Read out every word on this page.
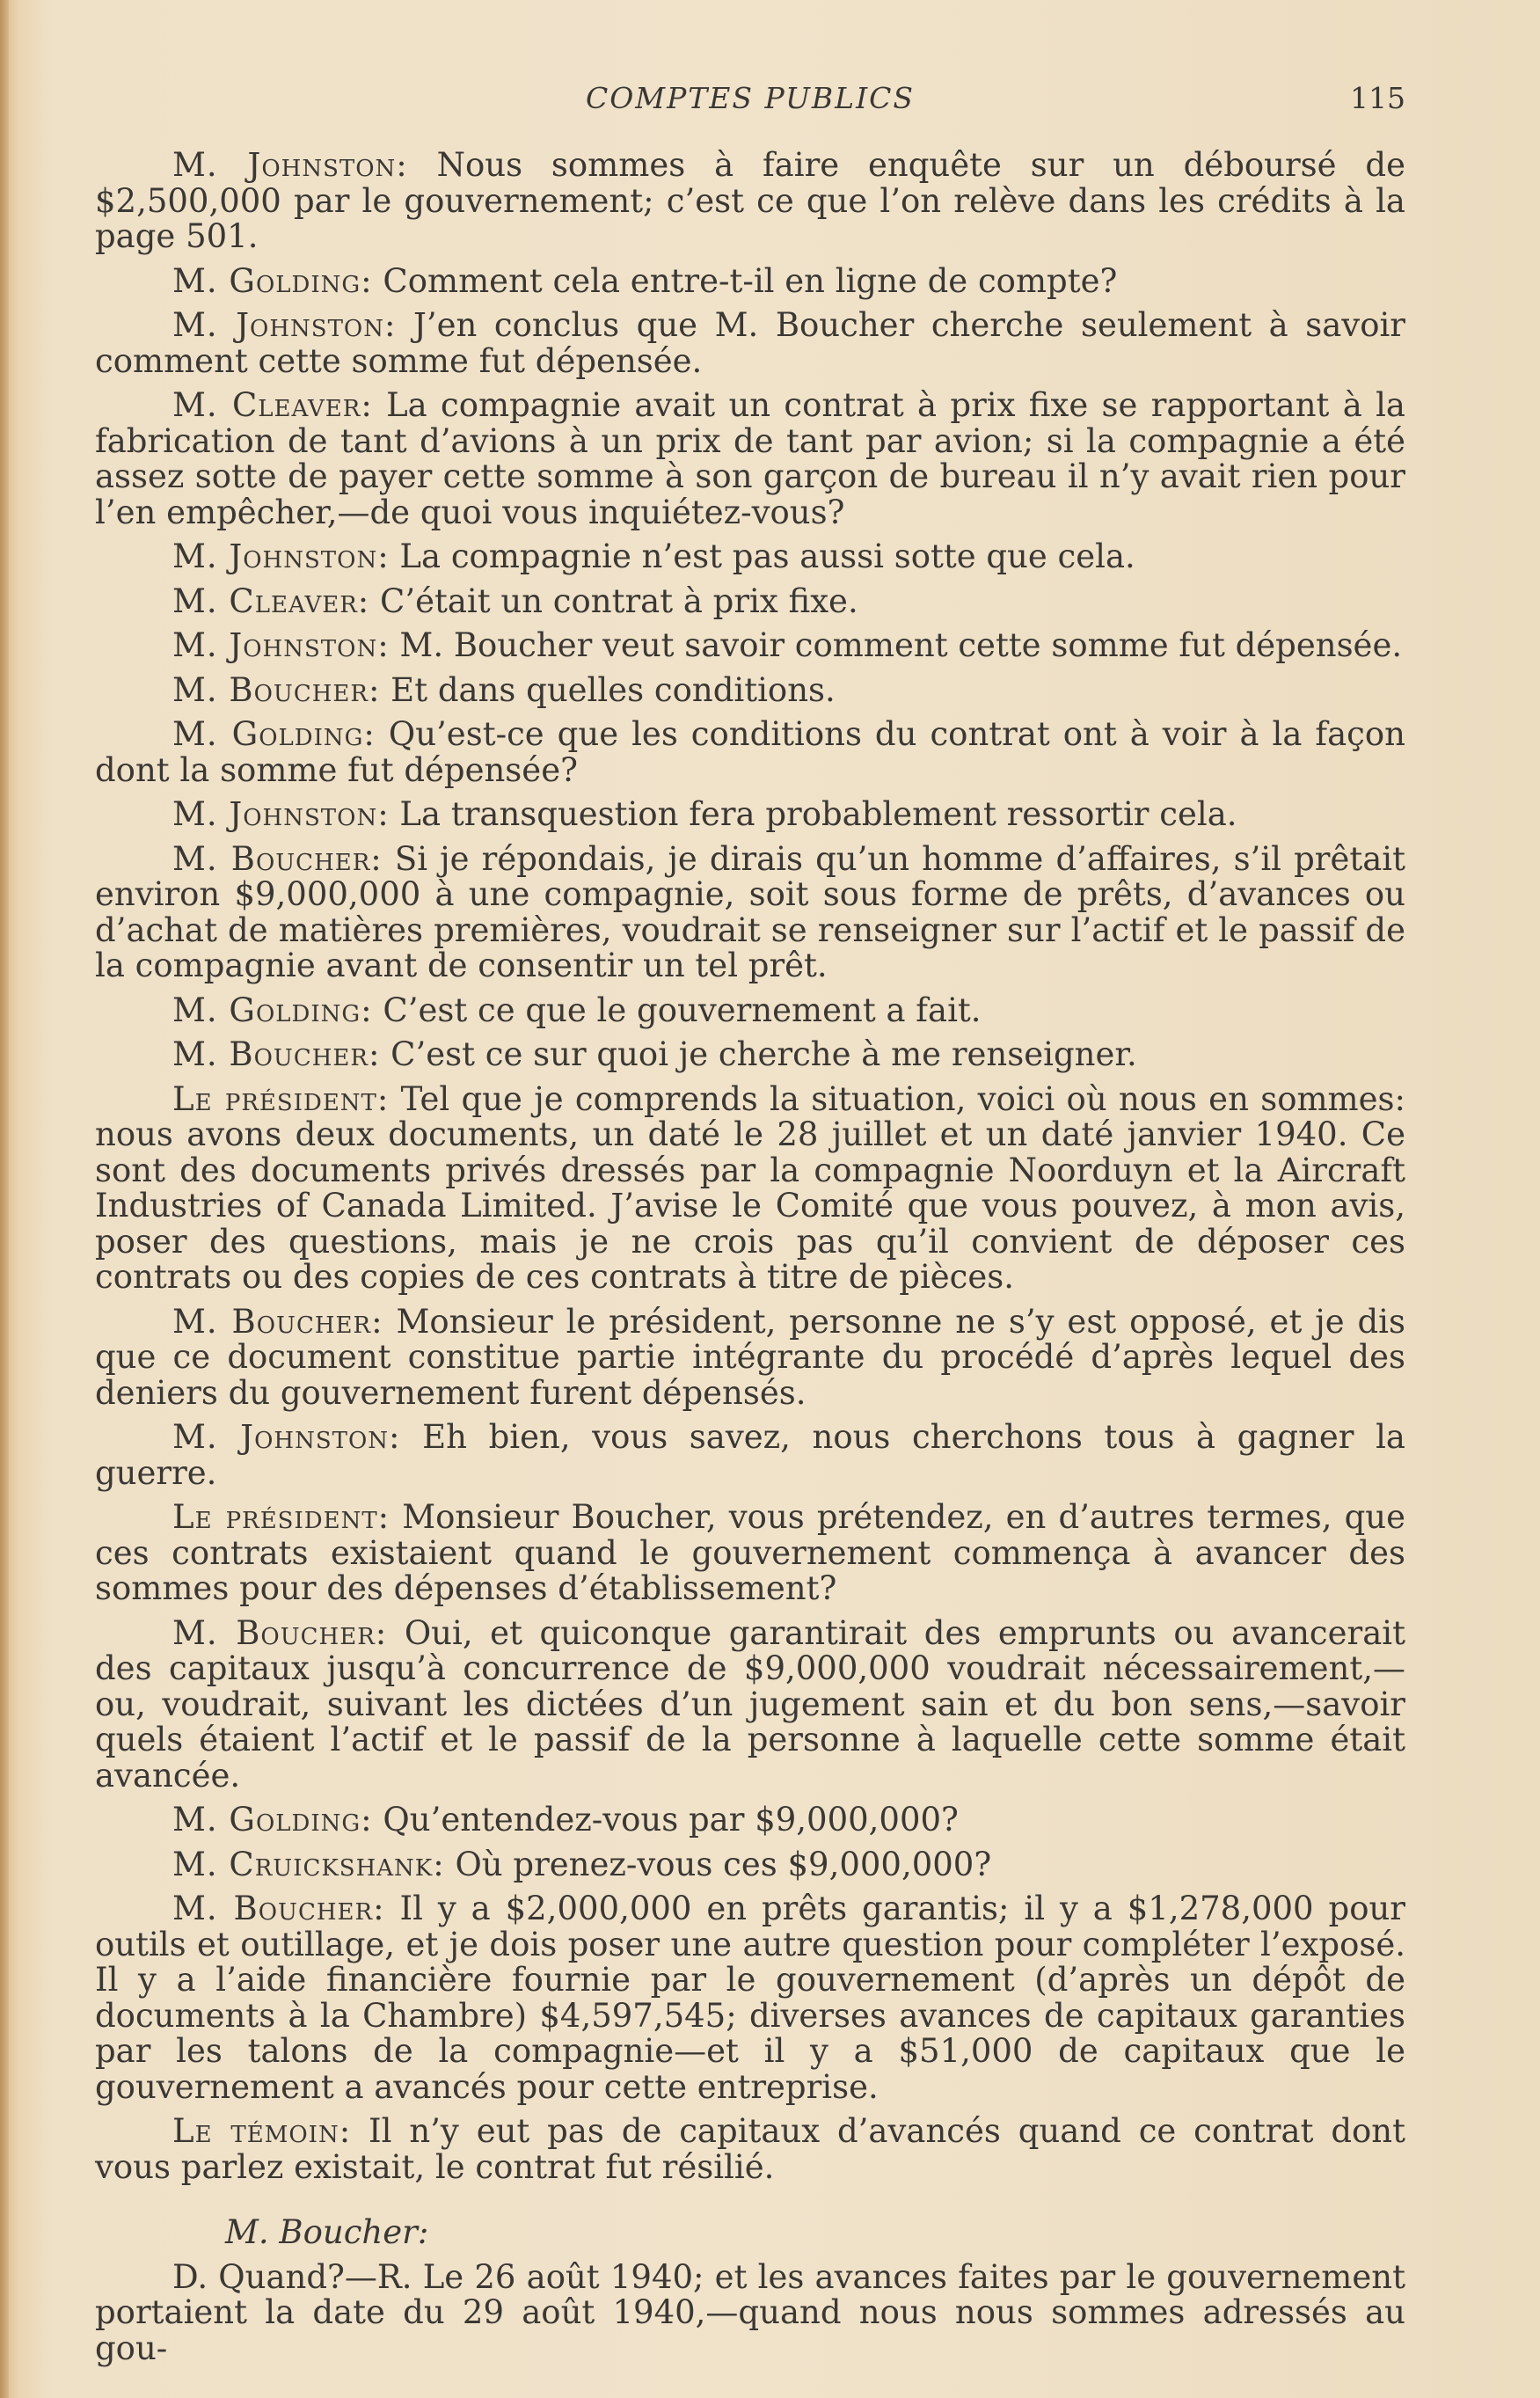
COMPTES PUBLICS	115

M. Johnston: Nous sommes à faire enquête sur un déboursé de $2,500,000 par le gouvernement; c’est ce que l’on relève dans les crédits à la page 501.

M. Golding: Comment cela entre-t-il en ligne de compte?

M. Johnston: J’en conclus que M. Boucher cherche seulement à savoir comment cette somme fut dépensée.

M. Cleaver: La compagnie avait un contrat à prix fixe se rapportant à la fabrication de tant d’avions à un prix de tant par avion; si la compagnie a été assez sotte de payer cette somme à son garçon de bureau il n’y avait rien pour l’en empêcher,—de quoi vous inquiétez-vous?

M. Johnston: La compagnie n’est pas aussi sotte que cela.

M. Cleaver: C’était un contrat à prix fixe.

M. Johnston: M. Boucher veut savoir comment cette somme fut dépensée.

M. Boucher: Et dans quelles conditions.

M. Golding: Qu’est-ce que les conditions du contrat ont à voir à la façon dont la somme fut dépensée?

M. Johnston: La transquestion fera probablement ressortir cela.

M. Boucher: Si je répondais, je dirais qu’un homme d’affaires, s’il prêtait environ $9,000,000 à une compagnie, soit sous forme de prêts, d’avances ou d’achat de matières premières, voudrait se renseigner sur l’actif et le passif de la compagnie avant de consentir un tel prêt.

M. Golding: C’est ce que le gouvernement a fait.

M. Boucher: C’est ce sur quoi je cherche à me renseigner.

Le président: Tel que je comprends la situation, voici où nous en sommes: nous avons deux documents, un daté le 28 juillet et un daté janvier 1940. Ce sont des documents privés dressés par la compagnie Noorduyn et la Aircraft Industries of Canada Limited. J’avise le Comité que vous pouvez, à mon avis, poser des questions, mais je ne crois pas qu’il convient de déposer ces contrats ou des copies de ces contrats à titre de pièces.

M. Boucher: Monsieur le président, personne ne s’y est opposé, et je dis que ce document constitue partie intégrante du procédé d’après lequel des deniers du gouvernement furent dépensés.

M. Johnston: Eh bien, vous savez, nous cherchons tous à gagner la guerre.

Le président: Monsieur Boucher, vous prétendez, en d’autres termes, que ces contrats existaient quand le gouvernement commença à avancer des sommes pour des dépenses d’établissement?

M. Boucher: Oui, et quiconque garantirait des emprunts ou avancerait des capitaux jusqu’à concurrence de $9,000,000 voudrait nécessairement,—ou, voudrait, suivant les dictées d’un jugement sain et du bon sens,—savoir quels étaient l’actif et le passif de la personne à laquelle cette somme était avancée.

M. Golding: Qu’entendez-vous par $9,000,000?

M. Cruickshank: Où prenez-vous ces $9,000,000?

M. Boucher: Il y a $2,000,000 en prêts garantis; il y a $1,278,000 pour outils et outillage, et je dois poser une autre question pour compléter l’exposé. Il y a l’aide financière fournie par le gouvernement (d’après un dépôt de documents à la Chambre) $4,597,545; diverses avances de capitaux garanties par les talons de la compagnie—et il y a $51,000 de capitaux que le gouvernement a avancés pour cette entreprise.

Le témoin: Il n’y eut pas de capitaux d’avancés quand ce contrat dont vous parlez existait, le contrat fut résilié.

M. Boucher:

D. Quand?—R. Le 26 août 1940; et les avances faites par le gouvernement portaient la date du 29 août 1940,—quand nous nous sommes adressés au gou-
